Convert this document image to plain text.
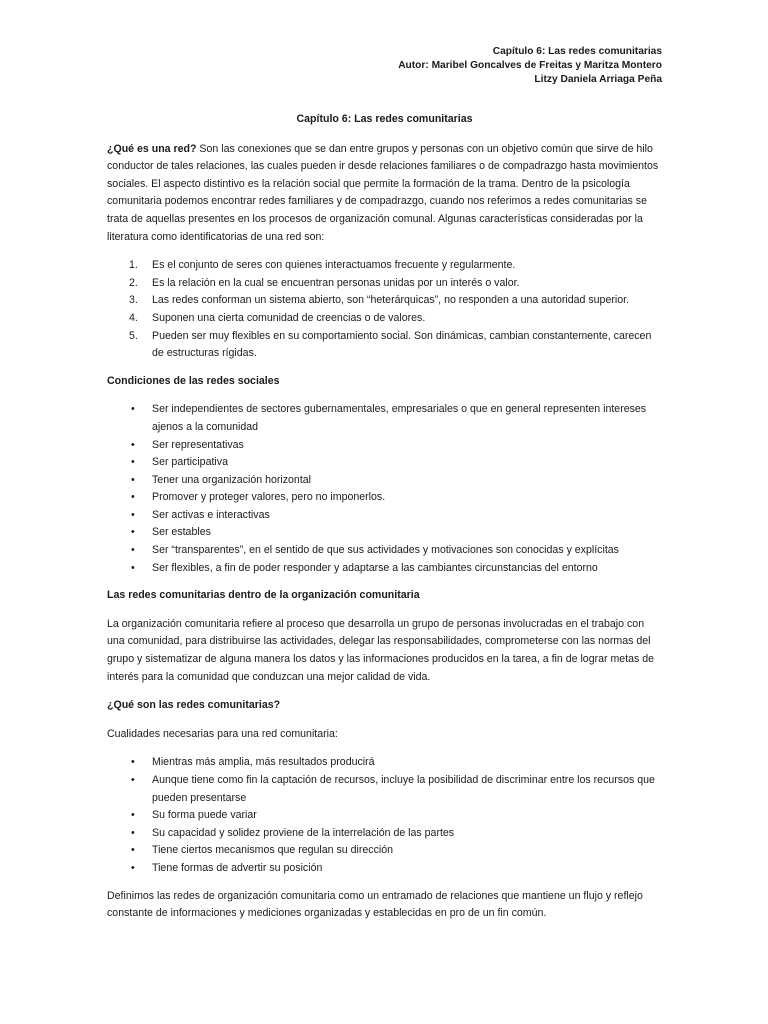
Capítulo 6: Las redes comunitarias
Autor: Maribel Goncalves de Freitas y Maritza Montero
Litzy Daniela Arriaga Peña
Capítulo 6: Las redes comunitarias

¿Qué es una red? Son las conexiones que se dan entre grupos y personas con un objetivo común que sirve de hilo conductor de tales relaciones, las cuales pueden ir desde relaciones familiares o de compadrazgo hasta movimientos sociales. El aspecto distintivo es la relación social que permite la formación de la trama. Dentro de la psicología comunitaria podemos encontrar redes familiares y de compadrazgo, cuando nos referimos a redes comunitarias se trata de aquellas presentes en los procesos de organización comunal. Algunas características consideradas por la literatura como identificatorias de una red son:

1. Es el conjunto de seres con quienes interactuamos frecuente y regularmente.
2. Es la relación en la cual se encuentran personas unidas por un interés o valor.
3. Las redes conforman un sistema abierto, son “heterárquicas”, no responden a una autoridad superior.
4. Suponen una cierta comunidad de creencias o de valores.
5. Pueden ser muy flexibles en su comportamiento social. Son dinámicas, cambian constantemente, carecen de estructuras rígidas.
Condiciones de las redes sociales
• Ser independientes de sectores gubernamentales, empresariales o que en general representen intereses ajenos a la comunidad
• Ser representativas
• Ser participativa
• Tener una organización horizontal
• Promover y proteger valores, pero no imponerlos.
• Ser activas e interactivas
• Ser estables
• Ser “transparentes”, en el sentido de que sus actividades y motivaciones son conocidas y explícitas
• Ser flexibles, a fin de poder responder y adaptarse a las cambiantes circunstancias del entorno
Las redes comunitarias dentro de la organización comunitaria

La organización comunitaria refiere al proceso que desarrolla un grupo de personas involucradas en el trabajo con una comunidad, para distribuirse las actividades, delegar las responsabilidades, comprometerse con las normas del grupo y sistematizar de alguna manera los datos y las informaciones producidos en la tarea, a fin de lograr metas de interés para la comunidad que conduzcan una mejor calidad de vida.

¿Qué son las redes comunitarias?

Cualidades necesarias para una red comunitaria:

• Mientras más amplia, más resultados producirá
• Aunque tiene como fin la captación de recursos, incluye la posibilidad de discriminar entre los recursos que pueden presentarse
• Su forma puede variar
• Su capacidad y solidez proviene de la interrelación de las partes
• Tiene ciertos mecanismos que regulan su dirección
• Tiene formas de advertir su posición

Definimos las redes de organización comunitaria como un entramado de relaciones que mantiene un flujo y reflejo constante de informaciones y mediciones organizadas y establecidas en pro de un fin común.
